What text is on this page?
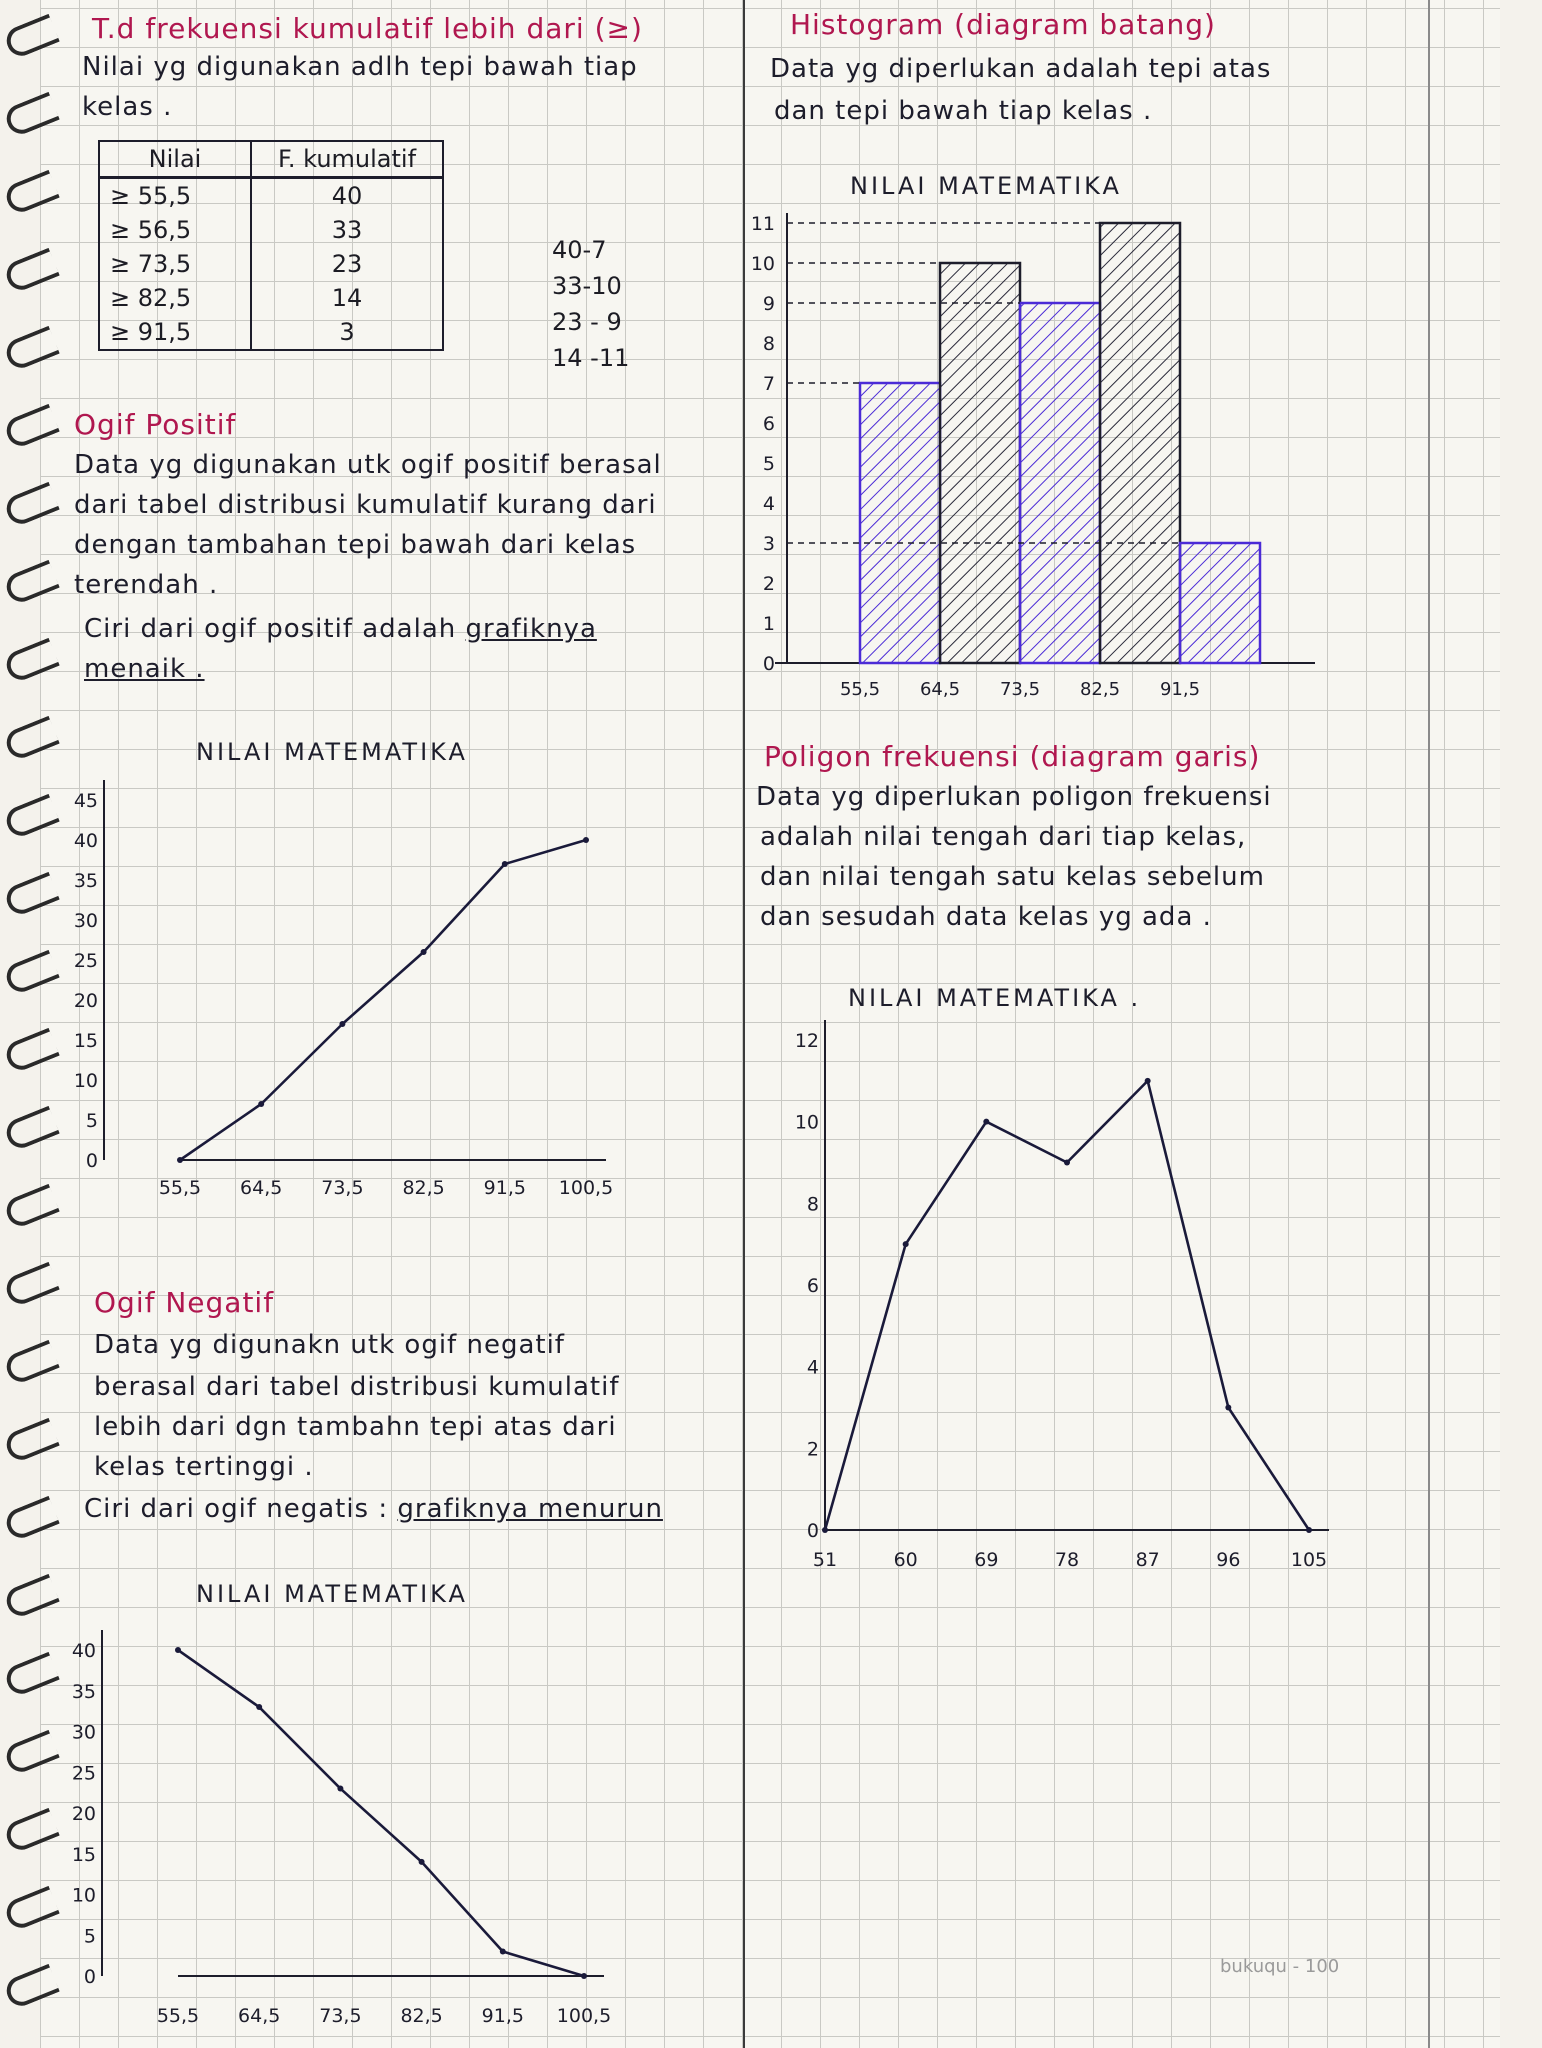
T.d frekuensi kumulatif lebih dari (≥)
Nilai yg digunakan adlh tepi bawah tiap
kelas .
Nilai	F. kumulatif
≥ 55,5	40
≥ 56,5	33
≥ 73,5	23
≥ 82,5	14
≥ 91,5	3
40-7
33-10
23 - 9
14 -11
Ogif Positif
Data yg digunakan utk ogif positif berasal
dari tabel distribusi kumulatif kurang dari
dengan tambahan tepi bawah dari kelas
terendah .
Ciri dari ogif positif adalah grafiknya
menaik .
NILAI MATEMATIKA
0
5
10
15
20
25
30
35
40
45
55,5 64,5 73,5 82,5 91,5 100,5
Ogif Negatif
Data yg digunakn utk ogif negatif
berasal dari tabel distribusi kumulatif
lebih dari dgn tambahn tepi atas dari
kelas tertinggi .
Ciri dari ogif negatis : grafiknya menurun
NILAI MATEMATIKA
0
5
10
15
20
25
30
35
40
55,5 64,5 73,5 82,5 91,5 100,5
Histogram (diagram batang)
Data yg diperlukan adalah tepi atas
dan tepi bawah tiap kelas .
NILAI MATEMATIKA
0
1
2
3
4
5
6
7
8
9
10
11
55,5 64,5 73,5 82,5 91,5
Poligon frekuensi (diagram garis)
Data yg diperlukan poligon frekuensi
adalah nilai tengah dari tiap kelas,
dan nilai tengah satu kelas sebelum
dan sesudah data kelas yg ada .
NILAI MATEMATIKA .
0
2
4
6
8
10
12
51	60	69	78	87	96	105
bukuqu - 100
